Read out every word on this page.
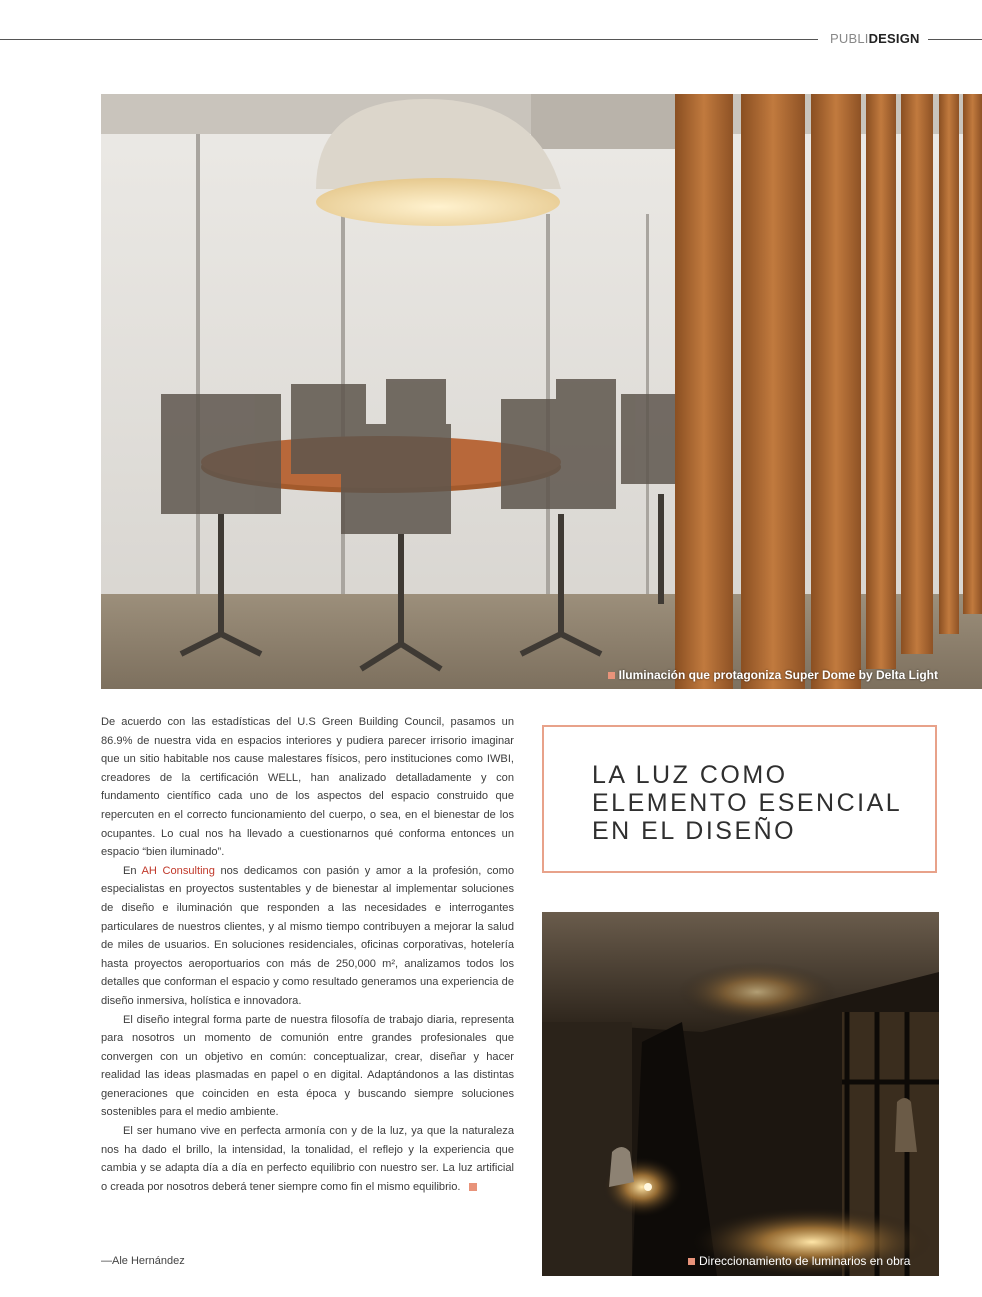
PUBLIDESIGN
Iluminación que protagoniza Super Dome by Delta Light

De acuerdo con las estadísticas del U.S Green Building Council, pasamos un 86.9% de nuestra vida en espacios interiores y pudiera parecer irrisorio imaginar que un sitio habitable nos cause malestares físicos, pero instituciones como IWBI, creadores de la certificación WELL, han analizado detalladamente y con fundamento científico cada uno de los aspectos del espacio construido que repercuten en el correcto funcionamiento del cuerpo, o sea, en el bienestar de los ocupantes. Lo cual nos ha llevado a cuestionarnos qué conforma entonces un espacio “bien iluminado”.

En AH Consulting nos dedicamos con pasión y amor a la profesión, como especialistas en proyectos sustentables y de bienestar al implementar soluciones de diseño e iluminación que responden a las necesidades e interrogantes particulares de nuestros clientes, y al mismo tiempo contribuyen a mejorar la salud de miles de usuarios. En soluciones residenciales, oficinas corporativas, hotelería hasta proyectos aeroportuarios con más de 250,000 m², analizamos todos los detalles que conforman el espacio y como resultado generamos una experiencia de diseño inmersiva, holística e innovadora.

El diseño integral forma parte de nuestra filosofía de trabajo diaria, representa para nosotros un momento de comunión entre grandes profesionales que convergen con un objetivo en común: conceptualizar, crear, diseñar y hacer realidad las ideas plasmadas en papel o en digital. Adaptándonos a las distintas generaciones que coinciden en esta época y buscando siempre soluciones sostenibles para el medio ambiente.

El ser humano vive en perfecta armonía con y de la luz, ya que la naturaleza nos ha dado el brillo, la intensidad, la tonalidad, el reflejo y la experiencia que cambia y se adapta día a día en perfecto equilibrio con nuestro ser. La luz artificial o creada por nosotros deberá tener siempre como fin el mismo equilibrio.

—Ale Hernández
LA LUZ COMO
ELEMENTO ESENCIAL
EN EL DISEÑO
Direccionamiento de luminarios en obra
